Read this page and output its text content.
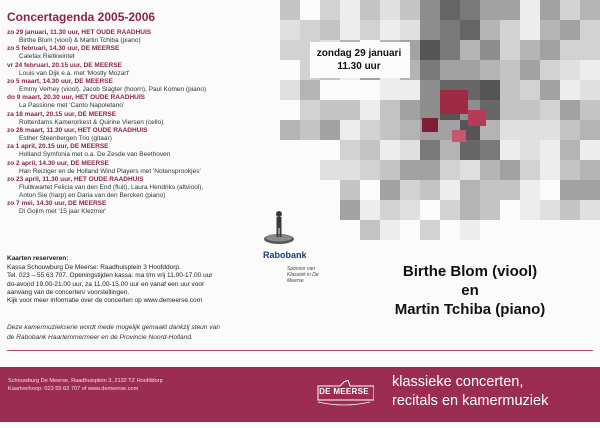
Concertagenda 2005-2006
zo 29 januari, 11.30 uur, HET OUDE RAADHUIS
Birthe Blom (viool) & Martin Tchiba (piano)
zo 5 februari, 14.30 uur, DE MEERSE
Calefax Rietkwintet
vr 24 februari, 20.15 uur, DE MEERSE
Louis van Dijk e.a. met 'Mostly Mozart'
zo 5 maart, 14.30 uur, DE MEERSE
Emmy Verhey (viool), Jacob Slagter (hoorn), Paul Komen (piano)
do 9 maart, 20.30 uur, HET OUDE RAADHUIS
La Passione met 'Canto Napoletano'
za 18 maart, 20.15 uur, DE MEERSE
Rotterdams Kamerorkest & Quirine Viersen (cello)
zo 26 maart, 11.30 uur, HET OUDE RAADHUIS
Esther Steenbergen Trio (gitaar)
za 1 april, 20.15 uur, DE MEERSE
Holland Symfonia met o.a. De Zesde van Beethoven
zo 2 april, 14.30 uur, DE MEERSE
Han Reiziger en de Holland Wind Players met 'Notensprookjes'
zo 23 april, 11.30 uur, HET OUDE RAADHUIS
Fluitkwartet Felicia van den End (fluit), Laura Hendriks (altviool),
Anton Sie (harp) en Daria van den Bercken (piano)
zo 7 mei, 14.30 uur, DE MEERSE
Di Gojim met '15 jaar Klezmer'
zondag 29 januari
11.30 uur
Rabobank
Sponsor van Klassiek in De Meerse
Birthe Blom (viool)
en
Martin Tchiba (piano)
Kaarten reserveren:
Kassa Schouwburg De Meerse: Raadhuisplein 3 Hoofddorp.
Tel. 023 – 55 63 707. Openingstijden kassa: ma t/m vrij 11.00-17.00 uur
do-avond 19.00-21.00 uur, za 11.00-15.00 uur en vanaf een uur voor
aanvang van de concerten/ voorstellingen.
Kijk voor meer informatie over de concerten op www.demeerse.com
Deze kamermuziekserie wordt mede mogelijk gemaakt dankzij steun van
de Rabobank Haarlemmermeer en de Provincie Noord-Holland.
Schouwburg De Meerse, Raadhuisplein 3, 2132 TZ Hoofddorp
Kaartverkoop: 023 55 63 707 of www.demeerse.com	DE MEERSE
klassieke concerten,
recitals en kamermuziek
